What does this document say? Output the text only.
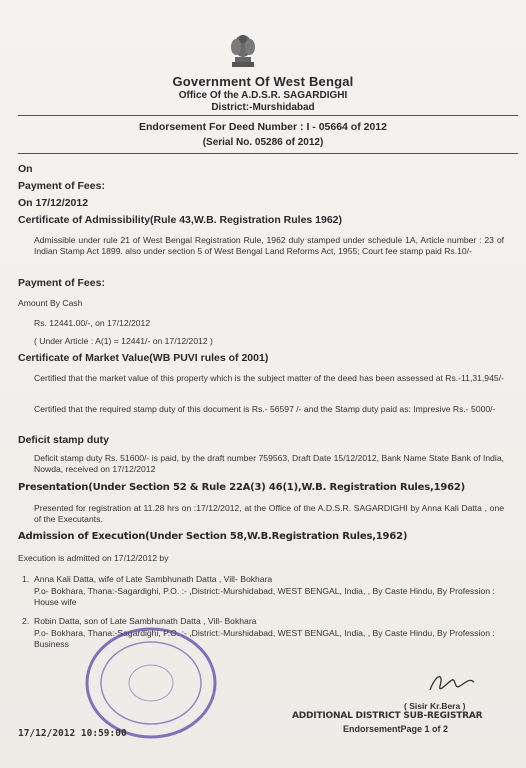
Government Of West Bengal
Office Of the A.D.S.R. SAGARDIGHI
District:-Murshidabad
Endorsement For Deed Number : I - 05664 of 2012
(Serial No. 05286 of 2012)
On
Payment of Fees:
On 17/12/2012
Certificate of Admissibility(Rule 43,W.B. Registration Rules 1962)
Admissible under rule 21 of West Bengal Registration Rule, 1962 duly stamped under schedule 1A, Article number : 23 of Indian Stamp Act 1899. also under section 5 of West Bengal Land Reforms Act, 1955; Court fee stamp paid Rs.10/-
Payment of Fees:
Amount By Cash
Rs. 12441.00/-, on 17/12/2012
( Under Article : A(1) = 12441/- on 17/12/2012 )
Certificate of Market Value(WB PUVI rules of 2001)
Certified that the market value of this property which is the subject matter of the deed has been assessed at Rs.-11,31,945/-
Certified that the required stamp duty of this document is Rs.- 56597 /- and the Stamp duty paid as: Impresive Rs.- 5000/-
Deficit stamp duty
Deficit stamp duty Rs. 51600/- is paid, by the draft number 759563, Draft Date 15/12/2012, Bank Name State Bank of India, Nowda, received on 17/12/2012
Presentation(Under Section 52 & Rule 22A(3) 46(1),W.B. Registration Rules,1962)
Presented for registration at 11.28 hrs on :17/12/2012, at the Office of the A.D.S.R. SAGARDIGHI by Anna Kali Datta , one of the Executants.
Admission of Execution(Under Section 58,W.B.Registration Rules,1962)
Execution is admitted on 17/12/2012 by
1. Anna Kali Datta, wife of Late Sambhunath Datta , Vill- Bokhara
P.o- Bokhara, Thana:-Sagardighi, P.O. :- ,District:-Murshidabad, WEST BENGAL, India, , By Caste Hindu, By Profession : House wife
2. Robin Datta, son of Late Sambhunath Datta , Vill- Bokhara
P.o- Bokhara, Thana:-Sagardighi, P.O. :- ,District:-Murshidabad, WEST BENGAL, India, , By Caste Hindu, By Profession : Business
( Sisir Kr.Bera )
ADDITIONAL DISTRICT SUB-REGISTRAR
17/12/2012 10:59:00	EndorsementPage 1 of 2
